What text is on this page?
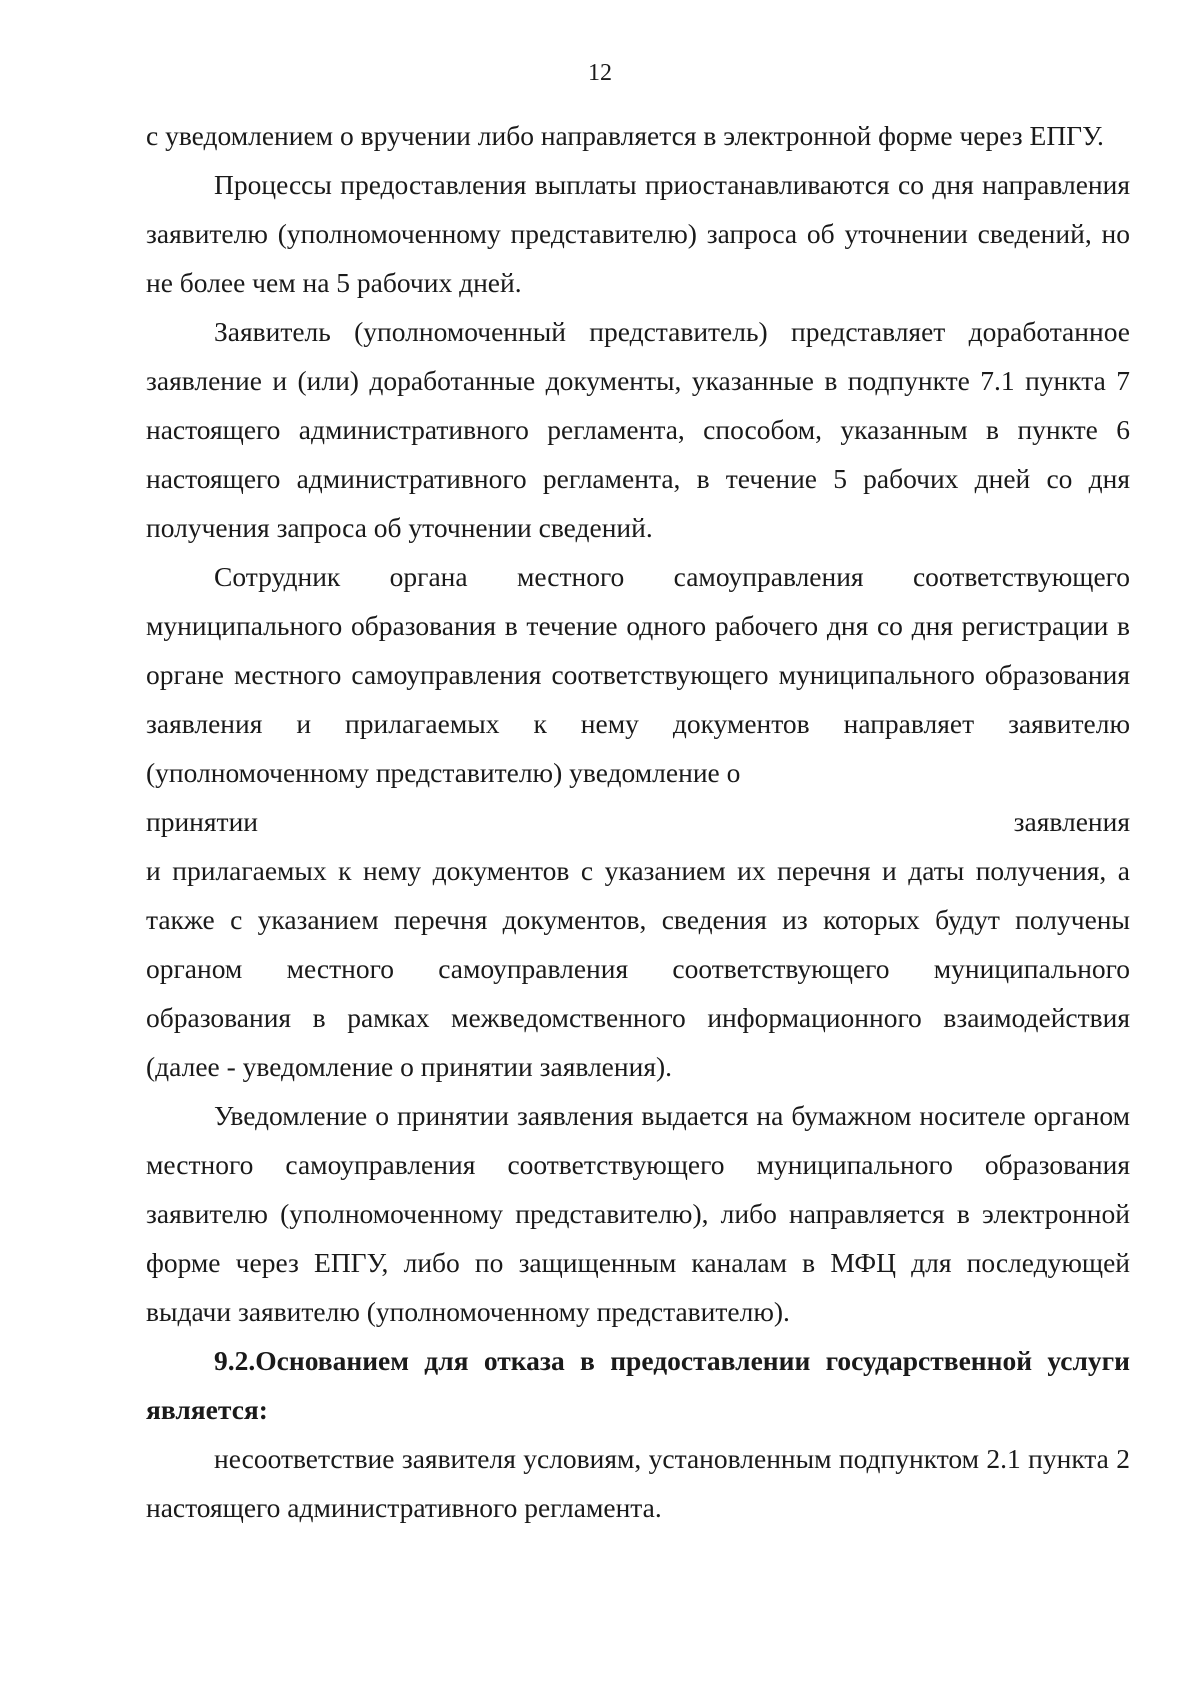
12

с уведомлением о вручении либо направляется в электронной форме через ЕПГУ.

Процессы предоставления выплаты приостанавливаются со дня направления заявителю (уполномоченному представителю) запроса об уточнении сведений, но не более чем на 5 рабочих дней.

Заявитель (уполномоченный представитель) представляет доработанное заявление и (или) доработанные документы, указанные в подпункте 7.1 пункта 7 настоящего административного регламента, способом, указанным в пункте 6 настоящего административного регламента, в течение 5 рабочих дней со дня получения запроса об уточнении сведений.

Сотрудник органа местного самоуправления соответствующего муниципального образования в течение одного рабочего дня со дня регистрации в органе местного самоуправления соответствующего муниципального образования заявления и прилагаемых к нему документов направляет заявителю (уполномоченному представителю) уведомление о

принятии	заявления

и прилагаемых к нему документов с указанием их перечня и даты получения, а также с указанием перечня документов, сведения из которых будут получены органом местного самоуправления соответствующего муниципального образования в рамках межведомственного информационного взаимодействия (далее - уведомление о принятии заявления).

Уведомление о принятии заявления выдается на бумажном носителе органом местного самоуправления соответствующего муниципального образования заявителю (уполномоченному представителю), либо направляется в электронной форме через ЕПГУ, либо по защищенным каналам в МФЦ для последующей выдачи заявителю (уполномоченному представителю).

9.2.Основанием для отказа в предоставлении государственной услуги является:

несоответствие заявителя условиям, установленным подпунктом 2.1 пункта 2 настоящего административного регламента.
